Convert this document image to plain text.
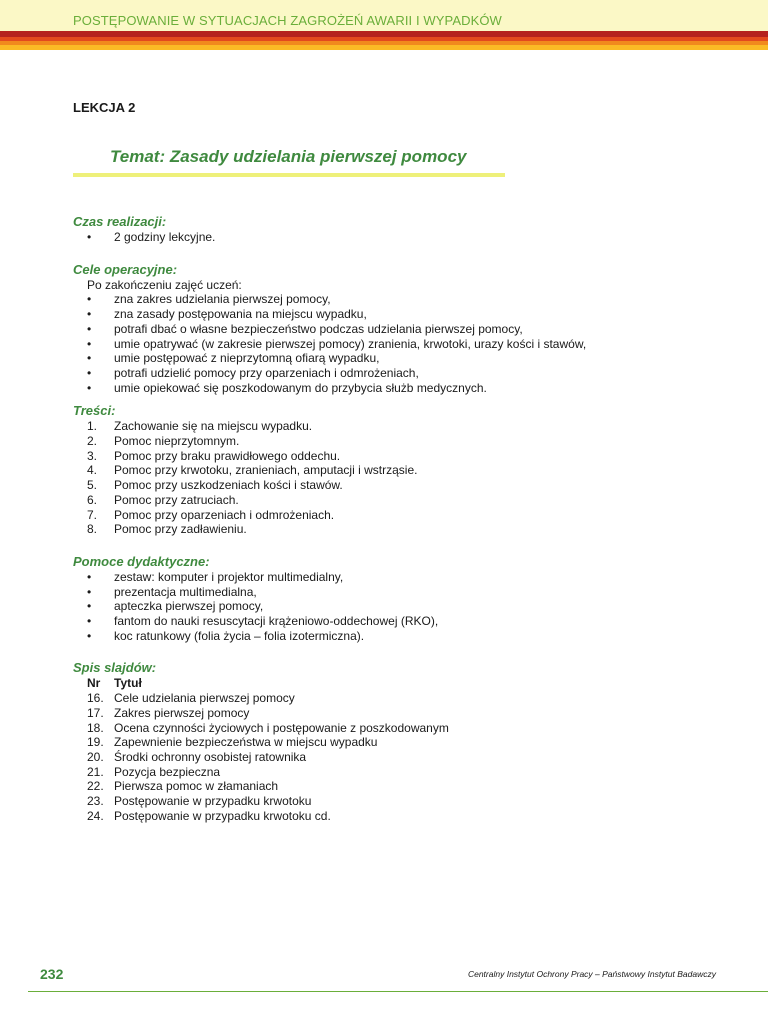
POSTĘPOWANIE W SYTUACJACH ZAGROŻEŃ AWARII I WYPADKÓW
LEKCJA 2
Temat: Zasady udzielania pierwszej pomocy
Czas realizacji:
• 2 godziny lekcyjne.
Cele operacyjne:
Po zakończeniu zajęć uczeń:
• zna zakres udzielania pierwszej pomocy,
• zna zasady postępowania na miejscu wypadku,
• potrafi dbać o własne bezpieczeństwo podczas udzielania pierwszej pomocy,
• umie opatrywać (w zakresie pierwszej pomocy) zranienia, krwotoki, urazy kości i stawów,
• umie postępować z nieprzytomną ofiarą wypadku,
• potrafi udzielić pomocy przy oparzeniach i odmrożeniach,
• umie opiekować się poszkodowanym do przybycia służb medycznych.
Treści:
1. Zachowanie się na miejscu wypadku.
2. Pomoc nieprzytomnym.
3. Pomoc przy braku prawidłowego oddechu.
4. Pomoc przy krwotoku, zranieniach, amputacji i wstrząsie.
5. Pomoc przy uszkodzeniach kości i stawów.
6. Pomoc przy zatruciach.
7. Pomoc przy oparzeniach i odmrożeniach.
8. Pomoc przy zadławieniu.
Pomoce dydaktyczne:
• zestaw: komputer i projektor multimedialny,
• prezentacja multimedialna,
• apteczka pierwszej pomocy,
• fantom do nauki resuscytacji krążeniowo-oddechowej (RKO),
• koc ratunkowy (folia życia – folia izotermiczna).
Spis slajdów:
Nr Tytuł
16. Cele udzielania pierwszej pomocy
17. Zakres pierwszej pomocy
18. Ocena czynności życiowych i postępowanie z poszkodowanym
19. Zapewnienie bezpieczeństwa w miejscu wypadku
20. Środki ochronny osobistej ratownika
21. Pozycja bezpieczna
22. Pierwsza pomoc w złamaniach
23. Postępowanie w przypadku krwotoku
24. Postępowanie w przypadku krwotoku cd.
232	Centralny Instytut Ochrony Pracy – Państwowy Instytut Badawczy
